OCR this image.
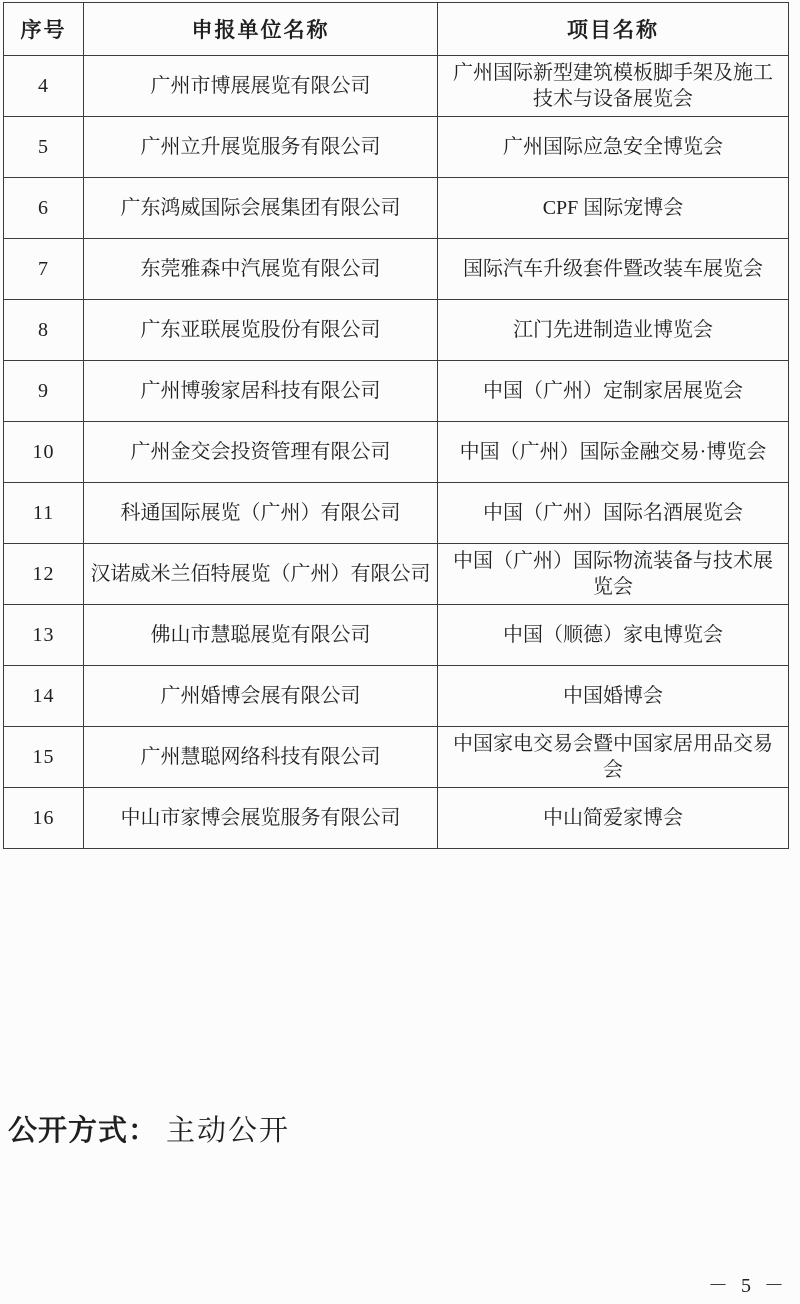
序号	申报单位名称	项目名称
4	广州市博展展览有限公司	广州国际新型建筑模板脚手架及施工技术与设备展览会
5	广州立升展览服务有限公司	广州国际应急安全博览会
6	广东鸿威国际会展集团有限公司	CPF 国际宠博会
7	东莞雅森中汽展览有限公司	国际汽车升级套件暨改装车展览会
8	广东亚联展览股份有限公司	江门先进制造业博览会
9	广州博骏家居科技有限公司	中国（广州）定制家居展览会
10	广州金交会投资管理有限公司	中国（广州）国际金融交易·博览会
11	科通国际展览（广州）有限公司	中国（广州）国际名酒展览会
12	汉诺威米兰佰特展览（广州）有限公司	中国（广州）国际物流装备与技术展览会
13	佛山市慧聪展览有限公司	中国（顺德）家电博览会
14	广州婚博会展有限公司	中国婚博会
15	广州慧聪网络科技有限公司	中国家电交易会暨中国家居用品交易会
16	中山市家博会展览服务有限公司	中山简爱家博会
公开方式： 主动公开
－ 5 －
